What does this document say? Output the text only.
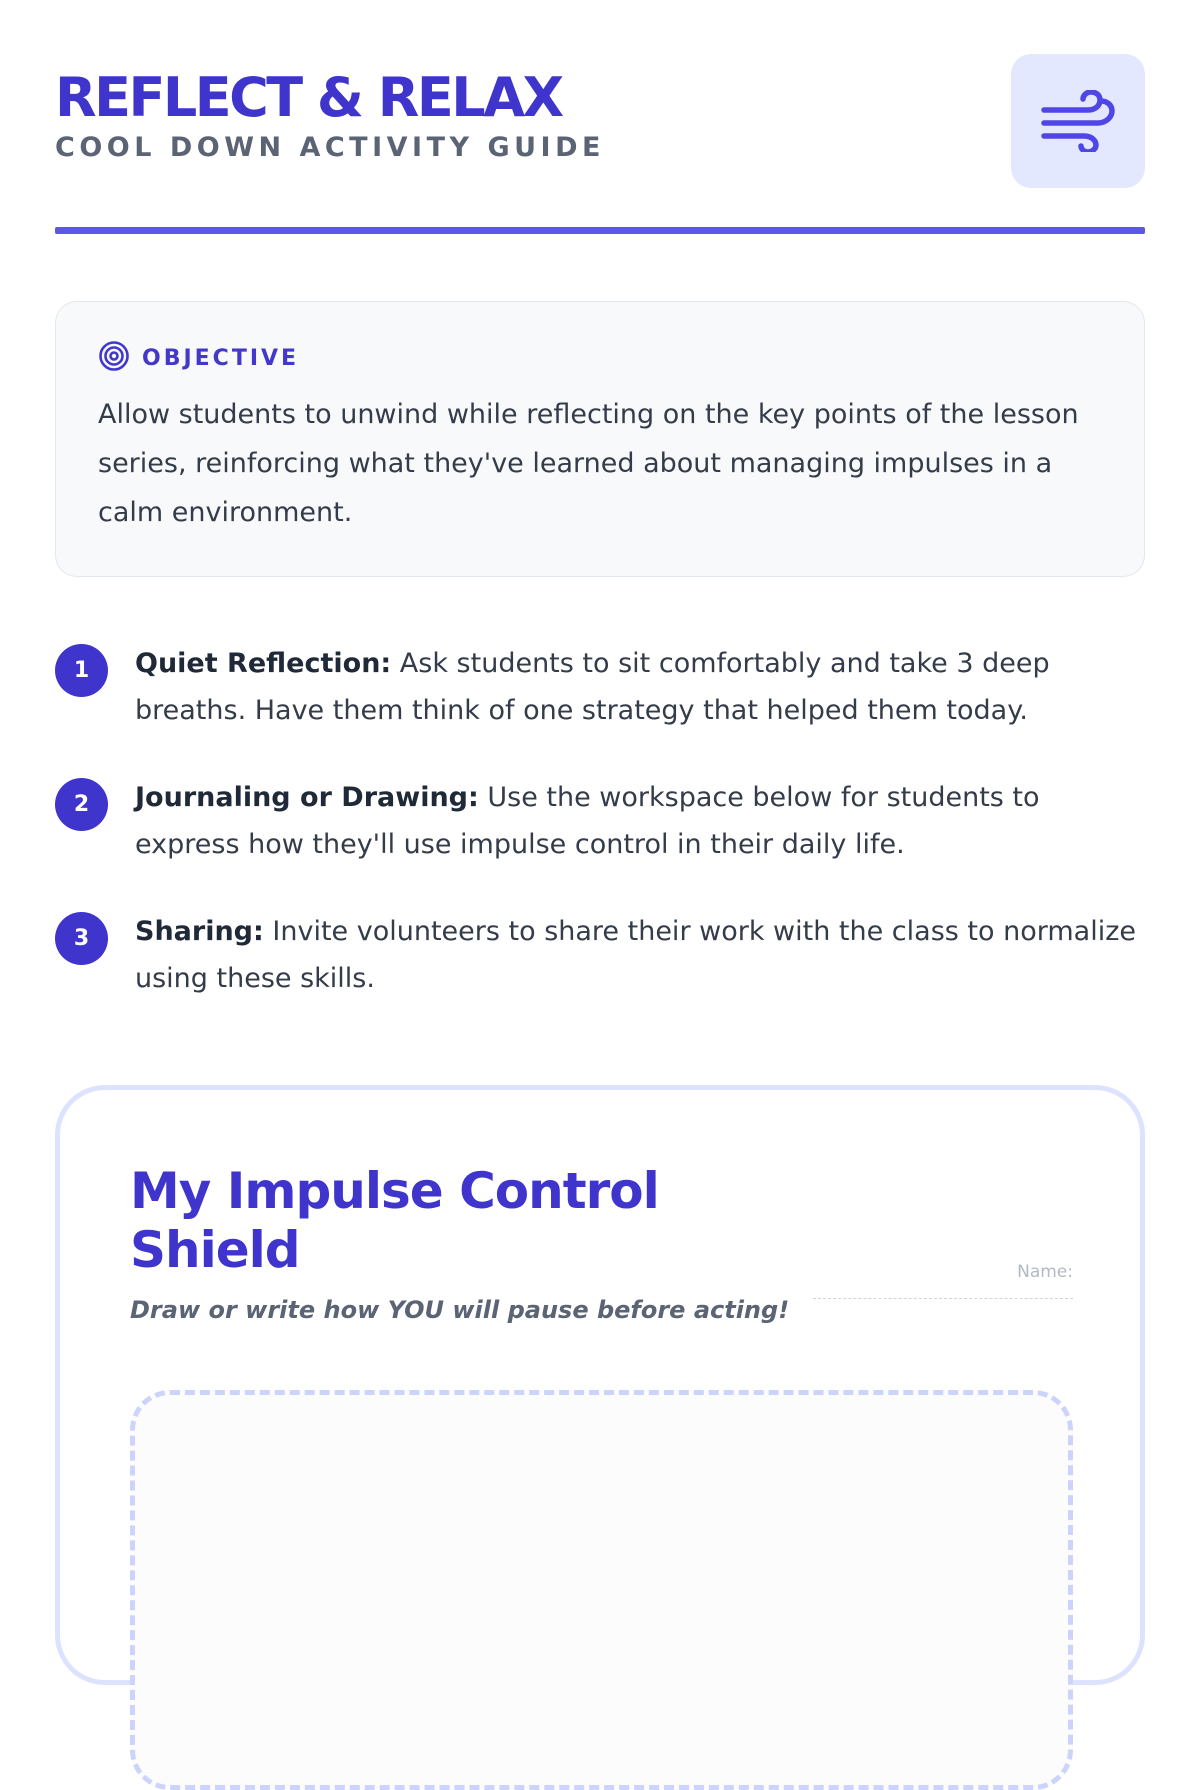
REFLECT & RELAX
COOL DOWN ACTIVITY GUIDE
OBJECTIVE
Allow students to unwind while reflecting on the key points of the lesson series, reinforcing what they've learned about managing impulses in a calm environment.
1	Quiet Reflection: Ask students to sit comfortably and take 3 deep breaths. Have them think of one strategy that helped them today.
2	Journaling or Drawing: Use the workspace below for students to express how they'll use impulse control in their daily life.
3	Sharing: Invite volunteers to share their work with the class to normalize using these skills.
My Impulse Control Shield
Draw or write how YOU will pause before acting!
Name:
